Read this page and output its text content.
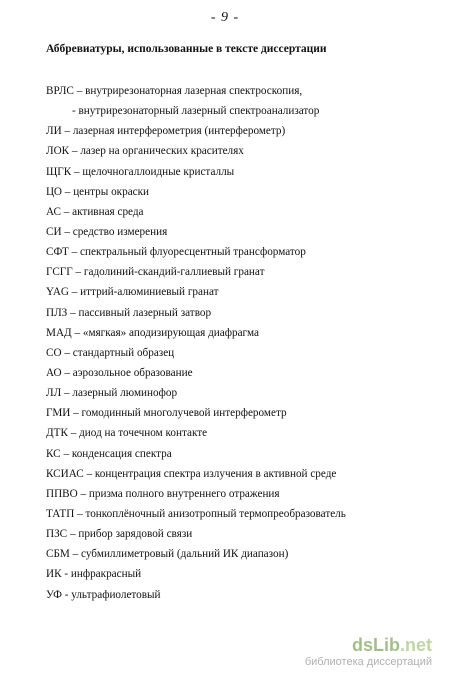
- 9 -
Аббревиатуры, использованные в тексте диссертации
ВРЛС – внутрирезонаторная лазерная спектроскопия,
- внутрирезонаторный лазерный спектроанализатор
ЛИ – лазерная интерферометрия (интерферометр)
ЛОК – лазер на органических красителях
ЩГК – щелочногаллоидные кристаллы
ЦО – центры окраски
АС – активная среда
СИ – средство измерения
СФТ – спектральный флуоресцентный трансформатор
ГСГГ – гадолиний-скандий-галлиевый гранат
YAG – иттрий-алюминиевый гранат
ПЛЗ – пассивный лазерный затвор
МАД – «мягкая» аподизирующая диафрагма
СО – стандартный образец
АО – аэрозольное образование
ЛЛ – лазерный люминофор
ГМИ – гомодинный многолучевой интерферометр
ДТК – диод на точечном контакте
КС – конденсация спектра
КСИАС – концентрация спектра излучения в активной среде
ППВО – призма полного внутреннего отражения
ТАТП – тонкоплёночный анизотропный термопреобразователь
ПЗС – прибор зарядовой связи
СБМ – субмиллиметровый (дальний ИК диапазон)
ИК - инфракрасный
УФ - ультрафиолетовый
dsLib.net
библиотека диссертаций
